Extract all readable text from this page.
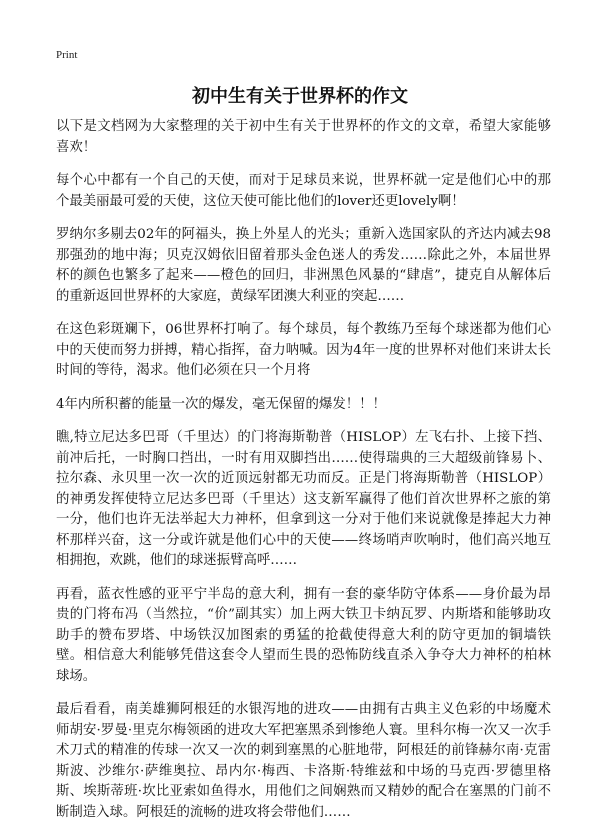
Print
初中生有关于世界杯的作文

以下是文档网为大家整理的关于初中生有关于世界杯的作文的文章，希望大家能够喜欢！

每个心中都有一个自己的天使，而对于足球员来说，世界杯就一定是他们心中的那个最美丽最可爱的天使，这位天使可能比他们的lover还更lovely啊！

罗纳尔多剔去02年的阿福头，换上外星人的光头；重新入选国家队的齐达内减去98那强劲的地中海；贝克汉姆依旧留着那头金色迷人的秀发……除此之外，本届世界杯的颜色也繁多了起来——橙色的回归，非洲黑色风暴的“肆虐”，捷克自从解体后的重新返回世界杯的大家庭，黄绿军团澳大利亚的突起……

在这色彩斑斓下，06世界杯打响了。每个球员，每个教练乃至每个球迷都为他们心中的天使而努力拼搏，精心指挥，奋力呐喊。因为4年一度的世界杯对他们来讲太长时间的等待，渴求。他们必须在只一个月将

4年内所积蓄的能量一次的爆发，毫无保留的爆发！！！

瞧,特立尼达多巴哥（千里达）的门将海斯勒普（HISLOP）左飞右扑、上接下挡、前冲后托，一时胸口挡出，一时有用双脚挡出……使得瑞典的三大超级前锋易卜、拉尔森、永贝里一次一次的近顶远射都无功而反。正是门将海斯勒普（HISLOP）的神勇发挥使特立尼达多巴哥（千里达）这支新军赢得了他们首次世界杯之旅的第一分，他们也许无法举起大力神杯，但拿到这一分对于他们来说就像是捧起大力神杯那样兴奋，这一分或许就是他们心中的天使——终场哨声吹响时，他们高兴地互相拥抱，欢跳，他们的球迷振臂高呼……

再看，蓝衣性感的亚平宁半岛的意大利，拥有一套的豪华防守体系——身价最为昂贵的门将布冯（当然拉，“价”副其实）加上两大铁卫卡纳瓦罗、内斯塔和能够助攻助手的赞布罗塔、中场铁汉加图索的勇猛的抢截使得意大利的防守更加的铜墙铁壁。相信意大利能够凭借这套令人望而生畏的恐怖防线直杀入争夺大力神杯的柏林球场。

最后看看，南美雄狮阿根廷的水银泻地的进攻——由拥有古典主义色彩的中场魔术师胡安·罗曼·里克尔梅领函的进攻大军把塞黑杀到惨绝人寰。里科尔梅一次又一次手术刀式的精准的传球一次又一次的刺到塞黑的心脏地带，阿根廷的前锋赫尔南·克雷斯波、沙维尔·萨维奥拉、昂内尔·梅西、卡洛斯·特维兹和中场的马克西·罗德里格斯、埃斯蒂班·坎比亚索如鱼得水，用他们之间娴熟而又精妙的配合在塞黑的门前不断制造入球。阿根廷的流畅的进攻将会带他们……
